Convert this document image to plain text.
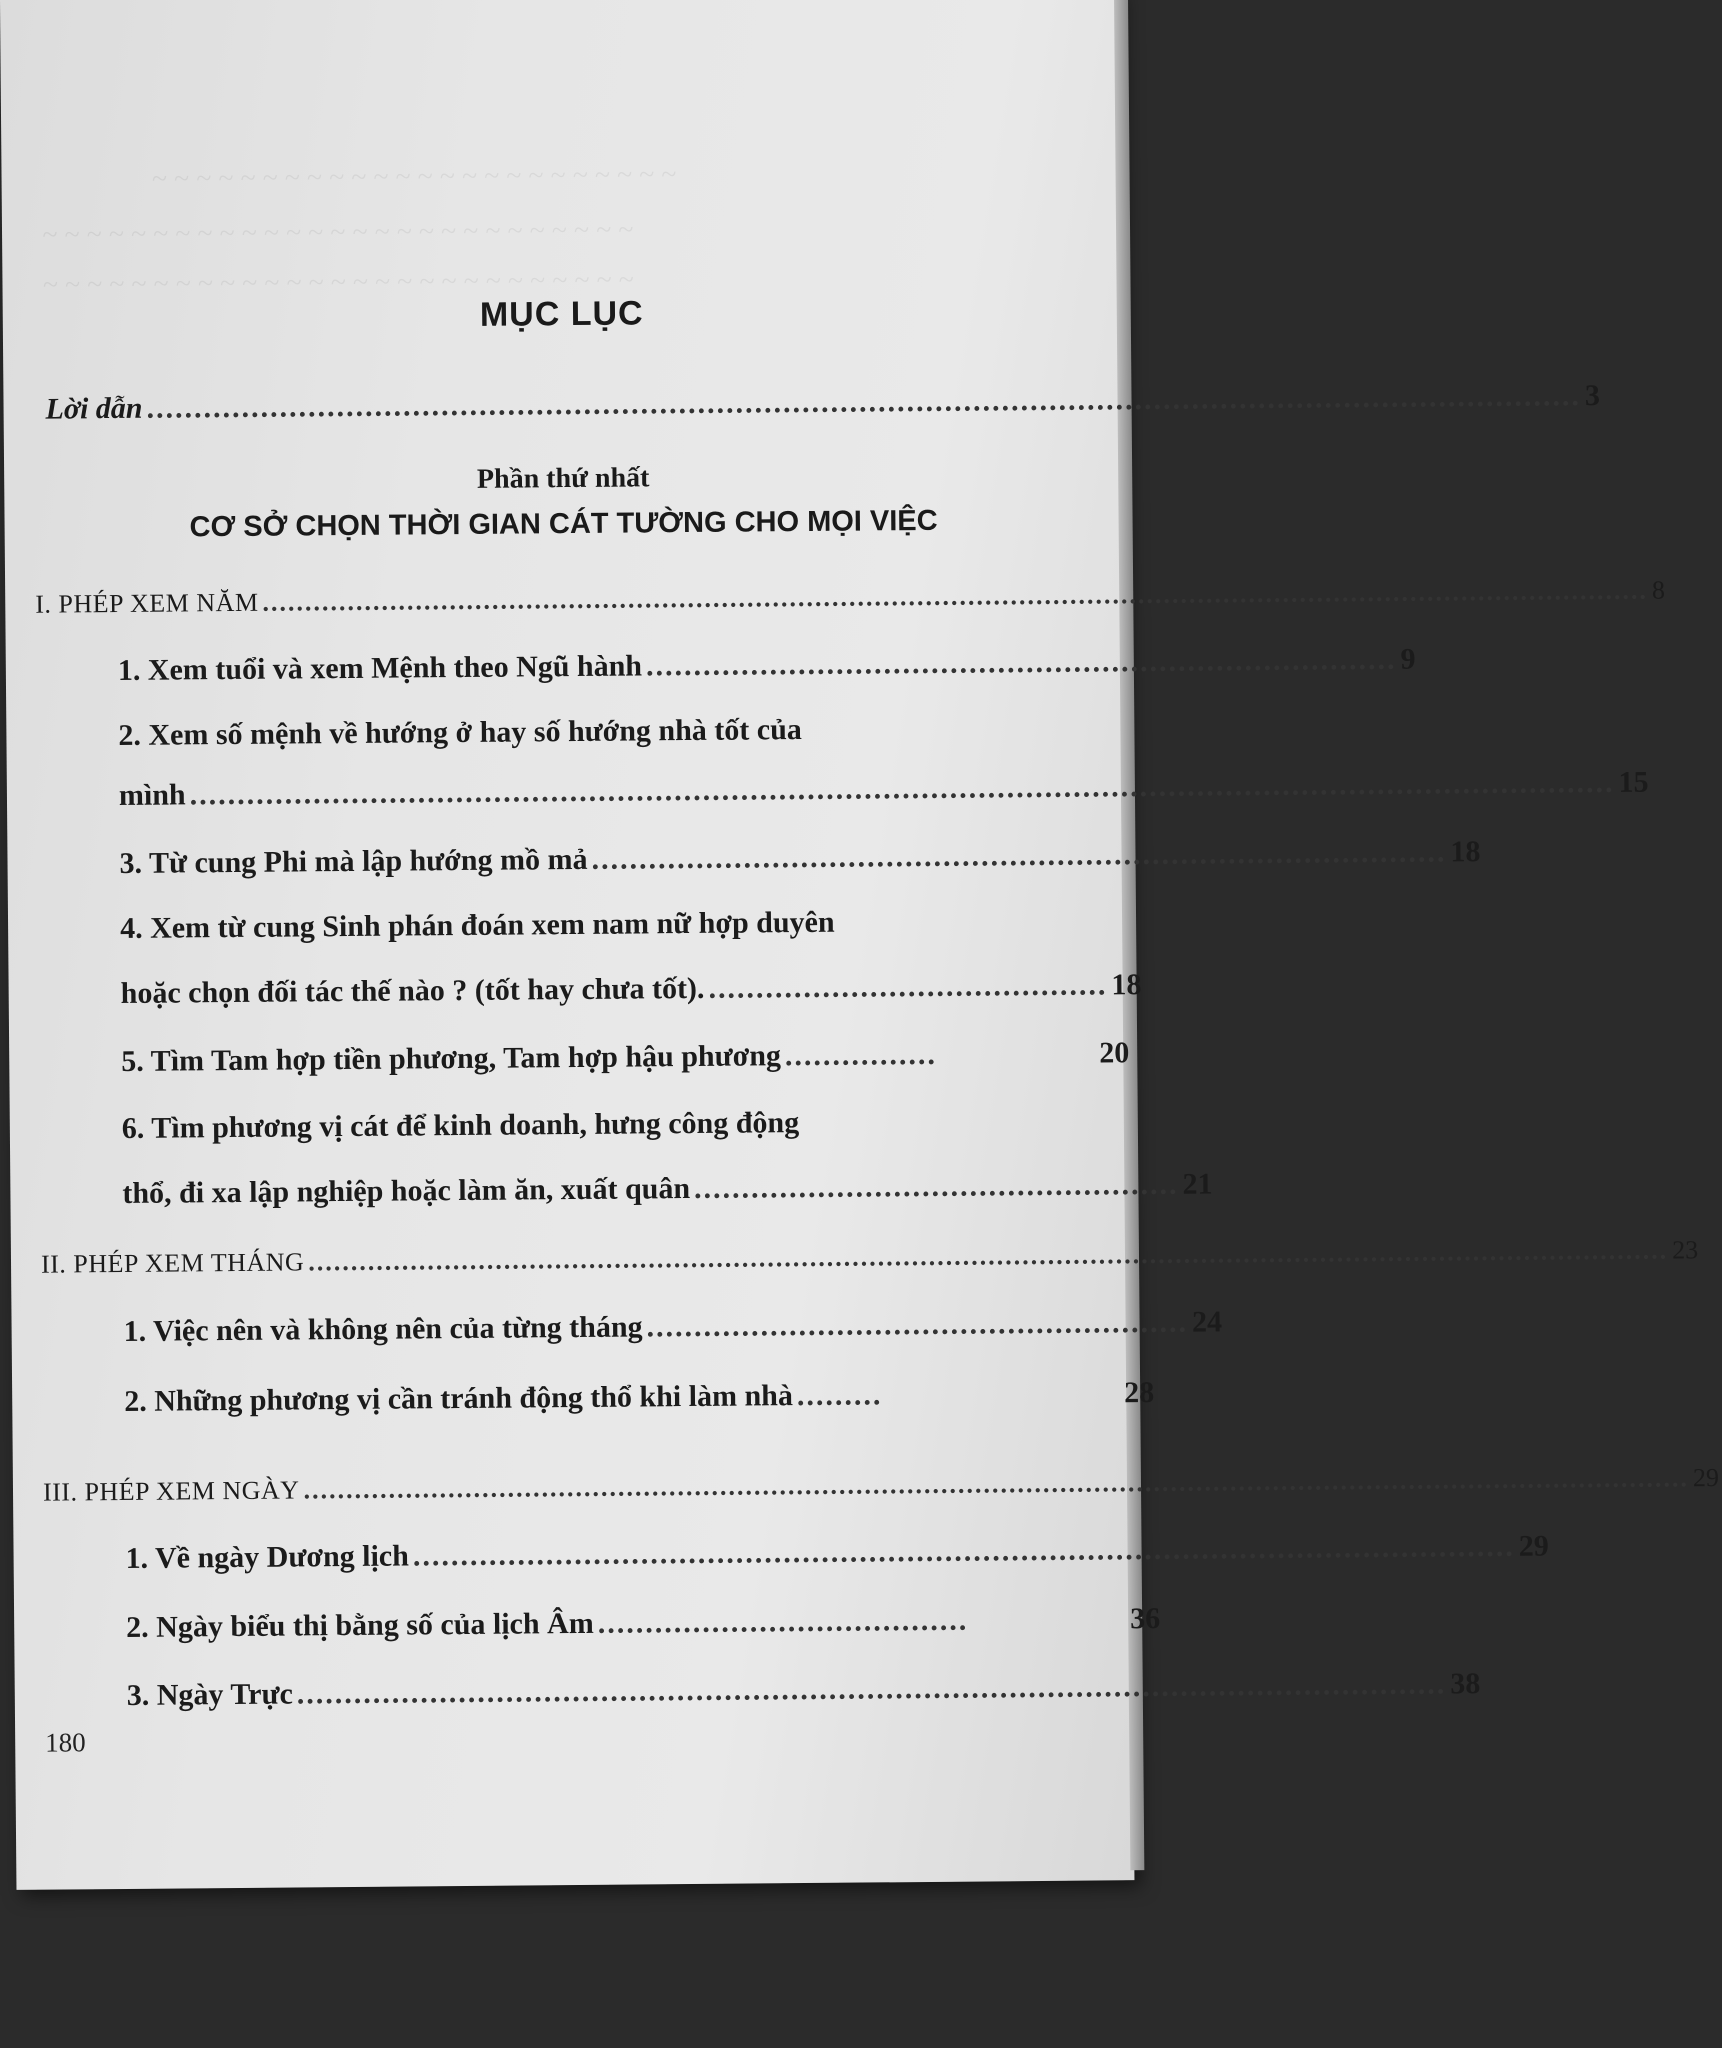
~ ~ ~ ~ ~ ~ ~ ~ ~ ~ ~ ~ ~ ~ ~ ~ ~ ~ ~ ~ ~ ~ ~ ~
~ ~ ~ ~ ~ ~ ~ ~ ~ ~ ~ ~ ~ ~ ~ ~ ~ ~ ~ ~ ~ ~ ~ ~ ~ ~ ~
~ ~ ~ ~ ~ ~ ~ ~ ~ ~ ~ ~ ~ ~ ~ ~ ~ ~ ~ ~ ~ ~ ~ ~ ~ ~ ~
MỤC LỤC
Lời dẫn ....................................................................................................................................................... 3
Phần thứ nhất
CƠ SỞ CHỌN THỜI GIAN CÁT TƯỜNG CHO MỌI VIỆC
I. PHÉP XEM NĂM ................................................................................................................................................................... 8
1. Xem tuổi và xem Mệnh theo Ngũ hành ............................................................................... 9
2. Xem số mệnh về hướng ở hay số hướng nhà tốt của
mình ...................................................................................................................................................... 15
3. Từ cung Phi mà lập hướng mồ mả .......................................................................................... 18
4. Xem từ cung Sinh phán đoán xem nam nữ hợp duyên
hoặc chọn đối tác thế nào ? (tốt hay chưa tốt). .......................................... 18
5. Tìm Tam hợp tiền phương, Tam hợp hậu phương ................	20
6. Tìm phương vị cát để kinh doanh, hưng công động
thổ, đi xa lập nghiệp hoặc làm ăn, xuất quân ................................................... 21
II. PHÉP XEM THÁNG ................................................................................................................................................................ 23
1. Việc nên và không nên của từng tháng ......................................................... 24
2. Những phương vị cần tránh động thổ khi làm nhà .........	28
III. PHÉP XEM NGÀY ................................................................................................................................................................... 29
1. Về ngày Dương lịch .................................................................................................................... 29
2. Ngày biểu thị bằng số của lịch Âm .......................................	36
3. Ngày Trực ......................................................................................................................... 38
180
